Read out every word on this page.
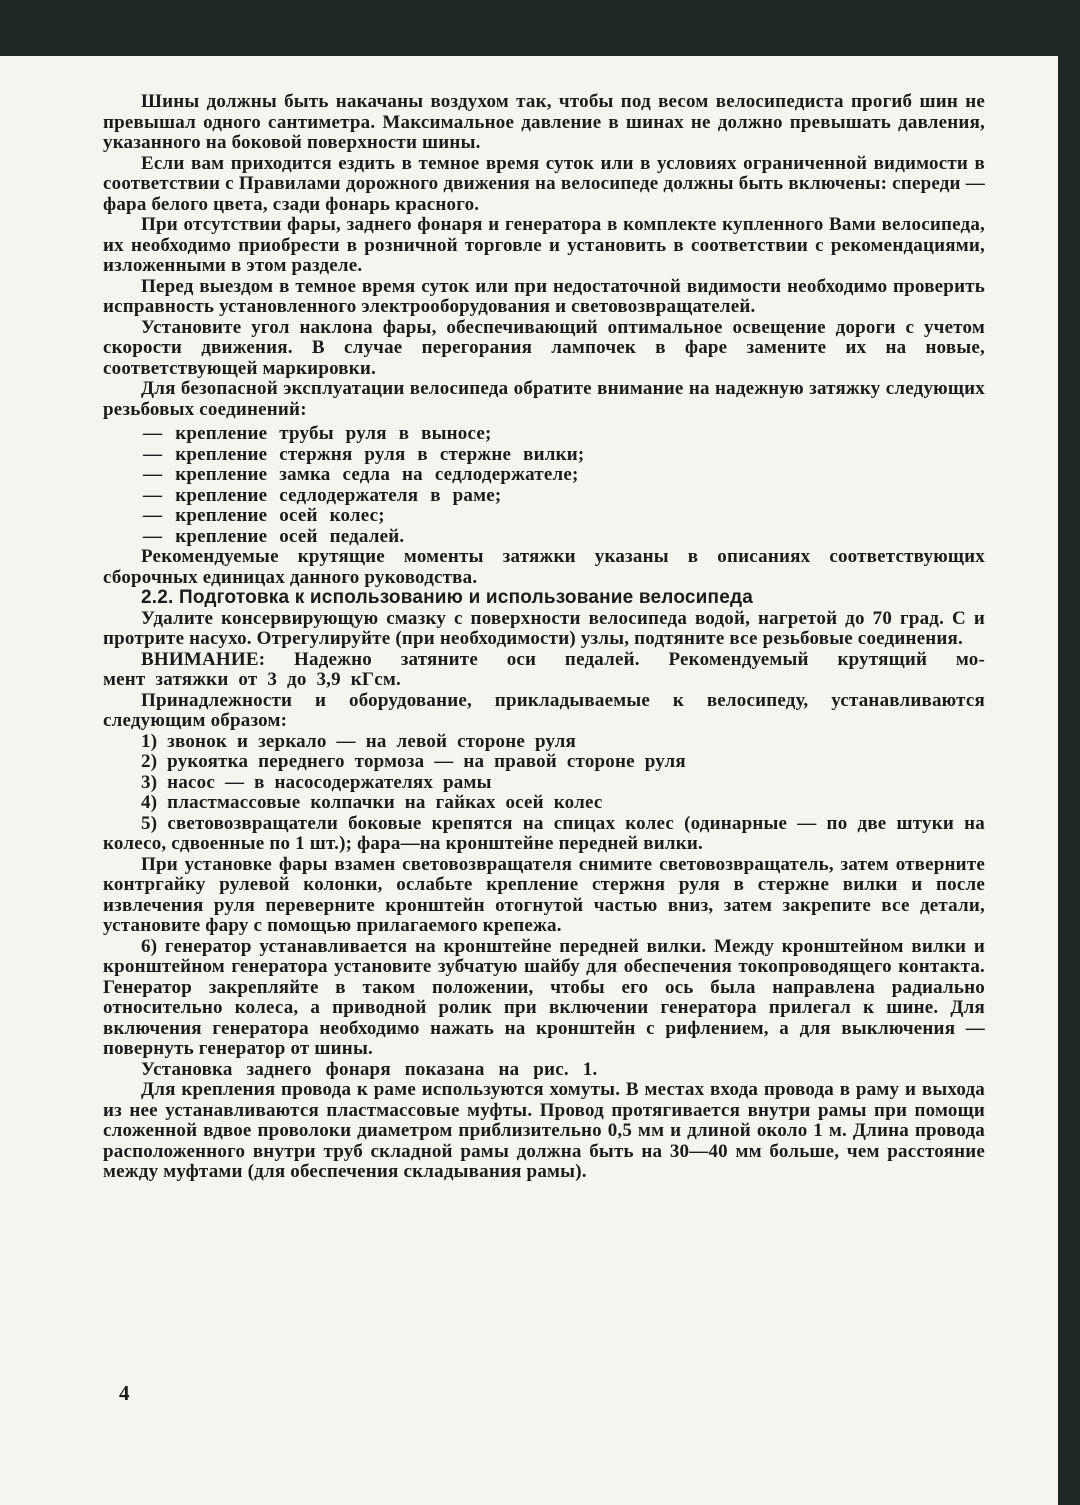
Шины должны быть накачаны воздухом так, чтобы под весом велосипедиста прогиб шин не превышал одного сантиметра. Максимальное давление в шинах не должно превышать давления, указанного на боковой поверхности шины.

Если вам приходится ездить в темное время суток или в условиях ограниченной видимости в соответствии с Правилами дорожного движения на велосипеде должны быть включены: спереди — фара белого цвета, сзади фонарь красного.

При отсутствии фары, заднего фонаря и генератора в комплекте купленного Вами велосипеда, их необходимо приобрести в розничной торговле и установить в соответствии с рекомендациями, изложенными в этом разделе.

Перед выездом в темное время суток или при недостаточной видимости необходимо проверить исправность установленного электрооборудования и световозвращателей.

Установите угол наклона фары, обеспечивающий оптимальное освещение дороги с учетом скорости движения. В случае перегорания лампочек в фаре замените их на новые, соответствующей маркировки.

Для безопасной эксплуатации велосипеда обратите внимание на надежную затяжку следующих резьбовых соединений:

— крепление трубы руля в выносе;

— крепление стержня руля в стержне вилки;

— крепление замка седла на седлодержателе;

— крепление седлодержателя в раме;

— крепление осей колес;

— крепление осей педалей.

Рекомендуемые крутящие моменты затяжки указаны в описаниях соответствующих сборочных единицах данного руководства.

2.2. Подготовка к использованию и использование велосипеда

Удалите консервирующую смазку с поверхности велосипеда водой, нагретой до 70 град. С и протрите насухо. Отрегулируйте (при необходимости) узлы, подтяните все резьбовые соединения.

ВНИМАНИЕ: Надежно затяните оси педалей. Рекомендуемый крутящий мо-

мент затяжки от 3 до 3,9 кГсм.

Принадлежности и оборудование, прикладываемые к велосипеду, устанавливаются следующим образом:

1) звонок и зеркало — на левой стороне руля

2) рукоятка переднего тормоза — на правой стороне руля

3) насос — в насосодержателях рамы

4) пластмассовые колпачки на гайках осей колес

5) световозвращатели боковые крепятся на спицах колес (одинарные — по две штуки на колесо, сдвоенные по 1 шт.); фара—на кронштейне передней вилки.

При установке фары взамен световозвращателя снимите световозвращатель, затем отверните контргайку рулевой колонки, ослабьте крепление стержня руля в стержне вилки и после извлечения руля переверните кронштейн отогнутой частью вниз, затем закрепите все детали, установите фару с помощью прилагаемого крепежа.

6) генератор устанавливается на кронштейне передней вилки. Между кронштейном вилки и кронштейном генератора установите зубчатую шайбу для обеспечения токопроводящего контакта. Генератор закрепляйте в таком положении, чтобы его ось была направлена радиально относительно колеса, а приводной ролик при включении генератора прилегал к шине. Для включения генератора необходимо нажать на кронштейн с рифлением, а для выключения — повернуть генератор от шины.

Установка заднего фонаря показана на рис. 1.

Для крепления провода к раме используются хомуты. В местах входа провода в раму и выхода из нее устанавливаются пластмассовые муфты. Провод протягивается внутри рамы при помощи сложенной вдвое проволоки диаметром приблизительно 0,5 мм и длиной около 1 м. Длина провода расположенного внутри труб складной рамы должна быть на 30—40 мм больше, чем расстояние между муфтами (для обеспечения складывания рамы).

4
